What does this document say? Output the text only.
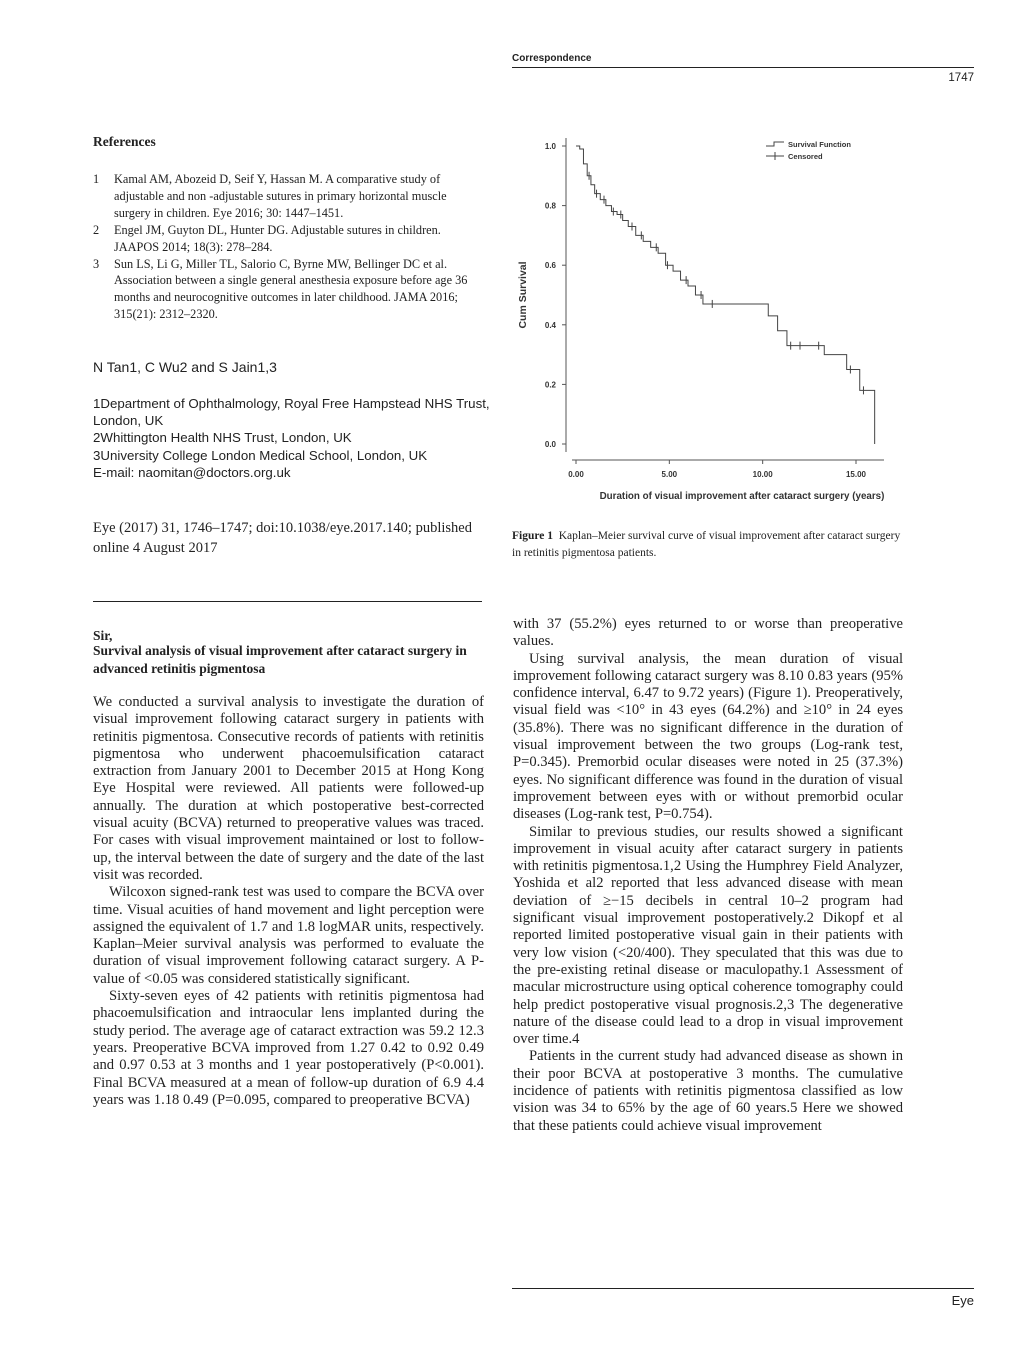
Correspondence
1747
References

1 Kamal AM, Abozeid D, Seif Y, Hassan M. A comparative study of adjustable and non -adjustable sutures in primary horizontal muscle surgery in children. Eye 2016; 30: 1447–1451.

2 Engel JM, Guyton DL, Hunter DG. Adjustable sutures in children. JAAPOS 2014; 18(3): 278–284.

3 Sun LS, Li G, Miller TL, Salorio C, Byrne MW, Bellinger DC et al. Association between a single general anesthesia exposure before age 36 months and neurocognitive outcomes in later childhood. JAMA 2016; 315(21): 2312–2320.

N Tan1, C Wu2 and S Jain1,3
1Department of Ophthalmology, Royal Free Hampstead NHS Trust, London, UK
2Whittington Health NHS Trust, London, UK
3University College London Medical School, London, UK
E-mail: naomitan@doctors.org.uk
Eye (2017) 31, 1746–1747; doi:10.1038/eye.2017.140; published online 4 August 2017
Sir,
Survival analysis of visual improvement after cataract surgery in advanced retinitis pigmentosa

We conducted a survival analysis to investigate the duration of visual improvement following cataract surgery in patients with retinitis pigmentosa. Consecutive records of patients with retinitis pigmentosa who underwent phacoemulsification cataract extraction from January 2001 to December 2015 at Hong Kong Eye Hospital were reviewed. All patients were followed-up annually. The duration at which postoperative best-corrected visual acuity (BCVA) returned to preoperative values was traced. For cases with visual improvement maintained or lost to follow-up, the interval between the date of surgery and the date of the last visit was recorded.

Wilcoxon signed-rank test was used to compare the BCVA over time. Visual acuities of hand movement and light perception were assigned the equivalent of 1.7 and 1.8 logMAR units, respectively. Kaplan–Meier survival analysis was performed to evaluate the duration of visual improvement following cataract surgery. A P-value of <0.05 was considered statistically significant.

Sixty-seven eyes of 42 patients with retinitis pigmentosa had phacoemulsification and intraocular lens implanted during the study period. The average age of cataract extraction was 59.2 12.3 years. Preoperative BCVA improved from 1.27 0.42 to 0.92 0.49 and 0.97 0.53 at 3 months and 1 year postoperatively (P<0.001). Final BCVA measured at a mean of follow-up duration of 6.9 4.4 years was 1.18 0.49 (P=0.095, compared to preoperative BCVA)

0.0
0.2
0.4
0.6
0.8
1.0
0.00	5.00	10.00	15.00
Cum Survival
Duration of visual improvement after cataract surgery (years)
Survival Function
Censored
Figure 1 Kaplan–Meier survival curve of visual improvement after cataract surgery in retinitis pigmentosa patients.

with 37 (55.2%) eyes returned to or worse than preoperative values.

Using survival analysis, the mean duration of visual improvement following cataract surgery was 8.10 0.83 years (95% confidence interval, 6.47 to 9.72 years) (Figure 1). Preoperatively, visual field was <10° in 43 eyes (64.2%) and ≥10° in 24 eyes (35.8%). There was no significant difference in the duration of visual improvement between the two groups (Log-rank test, P=0.345). Premorbid ocular diseases were noted in 25 (37.3%) eyes. No significant difference was found in the duration of visual improvement between eyes with or without premorbid ocular diseases (Log-rank test, P=0.754).

Similar to previous studies, our results showed a significant improvement in visual acuity after cataract surgery in patients with retinitis pigmentosa.1,2 Using the Humphrey Field Analyzer, Yoshida et al2 reported that less advanced disease with mean deviation of ≥−15 decibels in central 10–2 program had significant visual improvement postoperatively.2 Dikopf et al reported limited postoperative visual gain in their patients with very low vision (<20/400). They speculated that this was due to the pre-existing retinal disease or maculopathy.1 Assessment of macular microstructure using optical coherence tomography could help predict postoperative visual prognosis.2,3 The degenerative nature of the disease could lead to a drop in visual improvement over time.4

Patients in the current study had advanced disease as shown in their poor BCVA at postoperative 3 months. The cumulative incidence of patients with retinitis pigmentosa classified as low vision was 34 to 65% by the age of 60 years.5 Here we showed that these patients could achieve visual improvement

Eye
